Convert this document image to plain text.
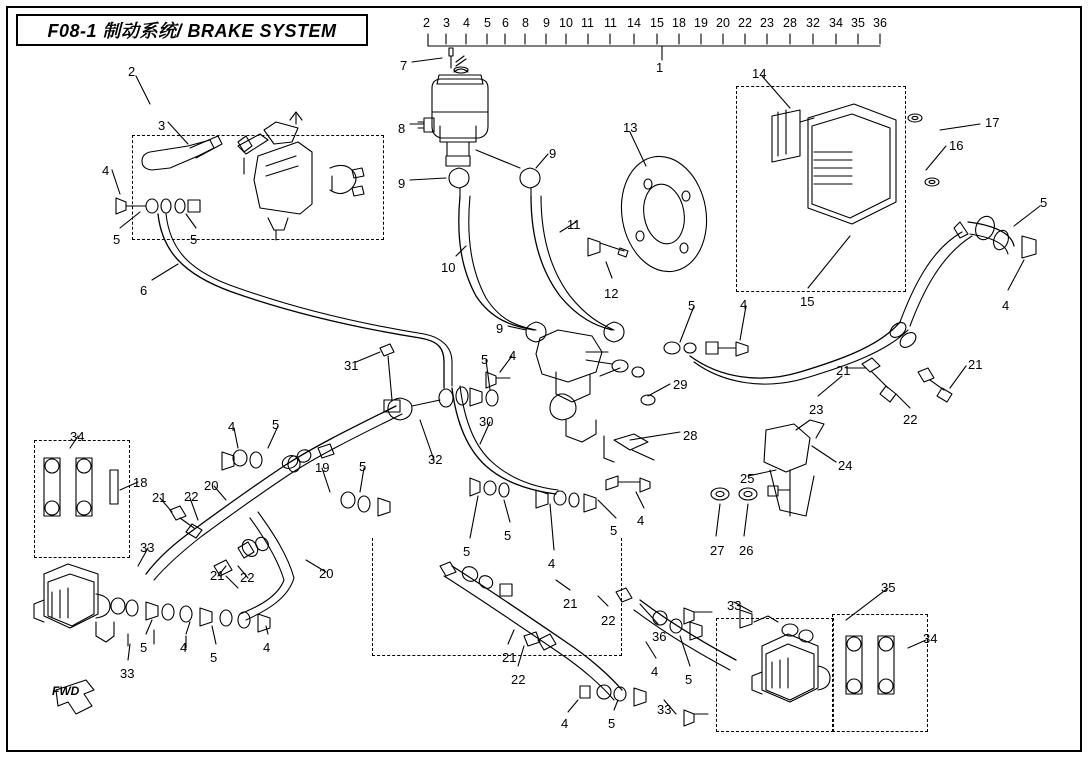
F08-1 制动系统/ BRAKE SYSTEM	2 3 4 5 6 8 9 10 11	14 15 18 19 20 22 23 28 32 34 35 36
1
11
2
3
4
5	5
6
7
8
9
9
10
11
12
13
9
5	4
14
16
17
15
5
4
21	21
22
23
29
28
24
25
26
27
31	5 4
30
32
4	5
19
20
20
5
18
34
21 22
33
21 22
33
5	4
5
4
5
4
5
4
5
21
22
36
21
22
4
5
4	5
33
33
35
34
FWD
